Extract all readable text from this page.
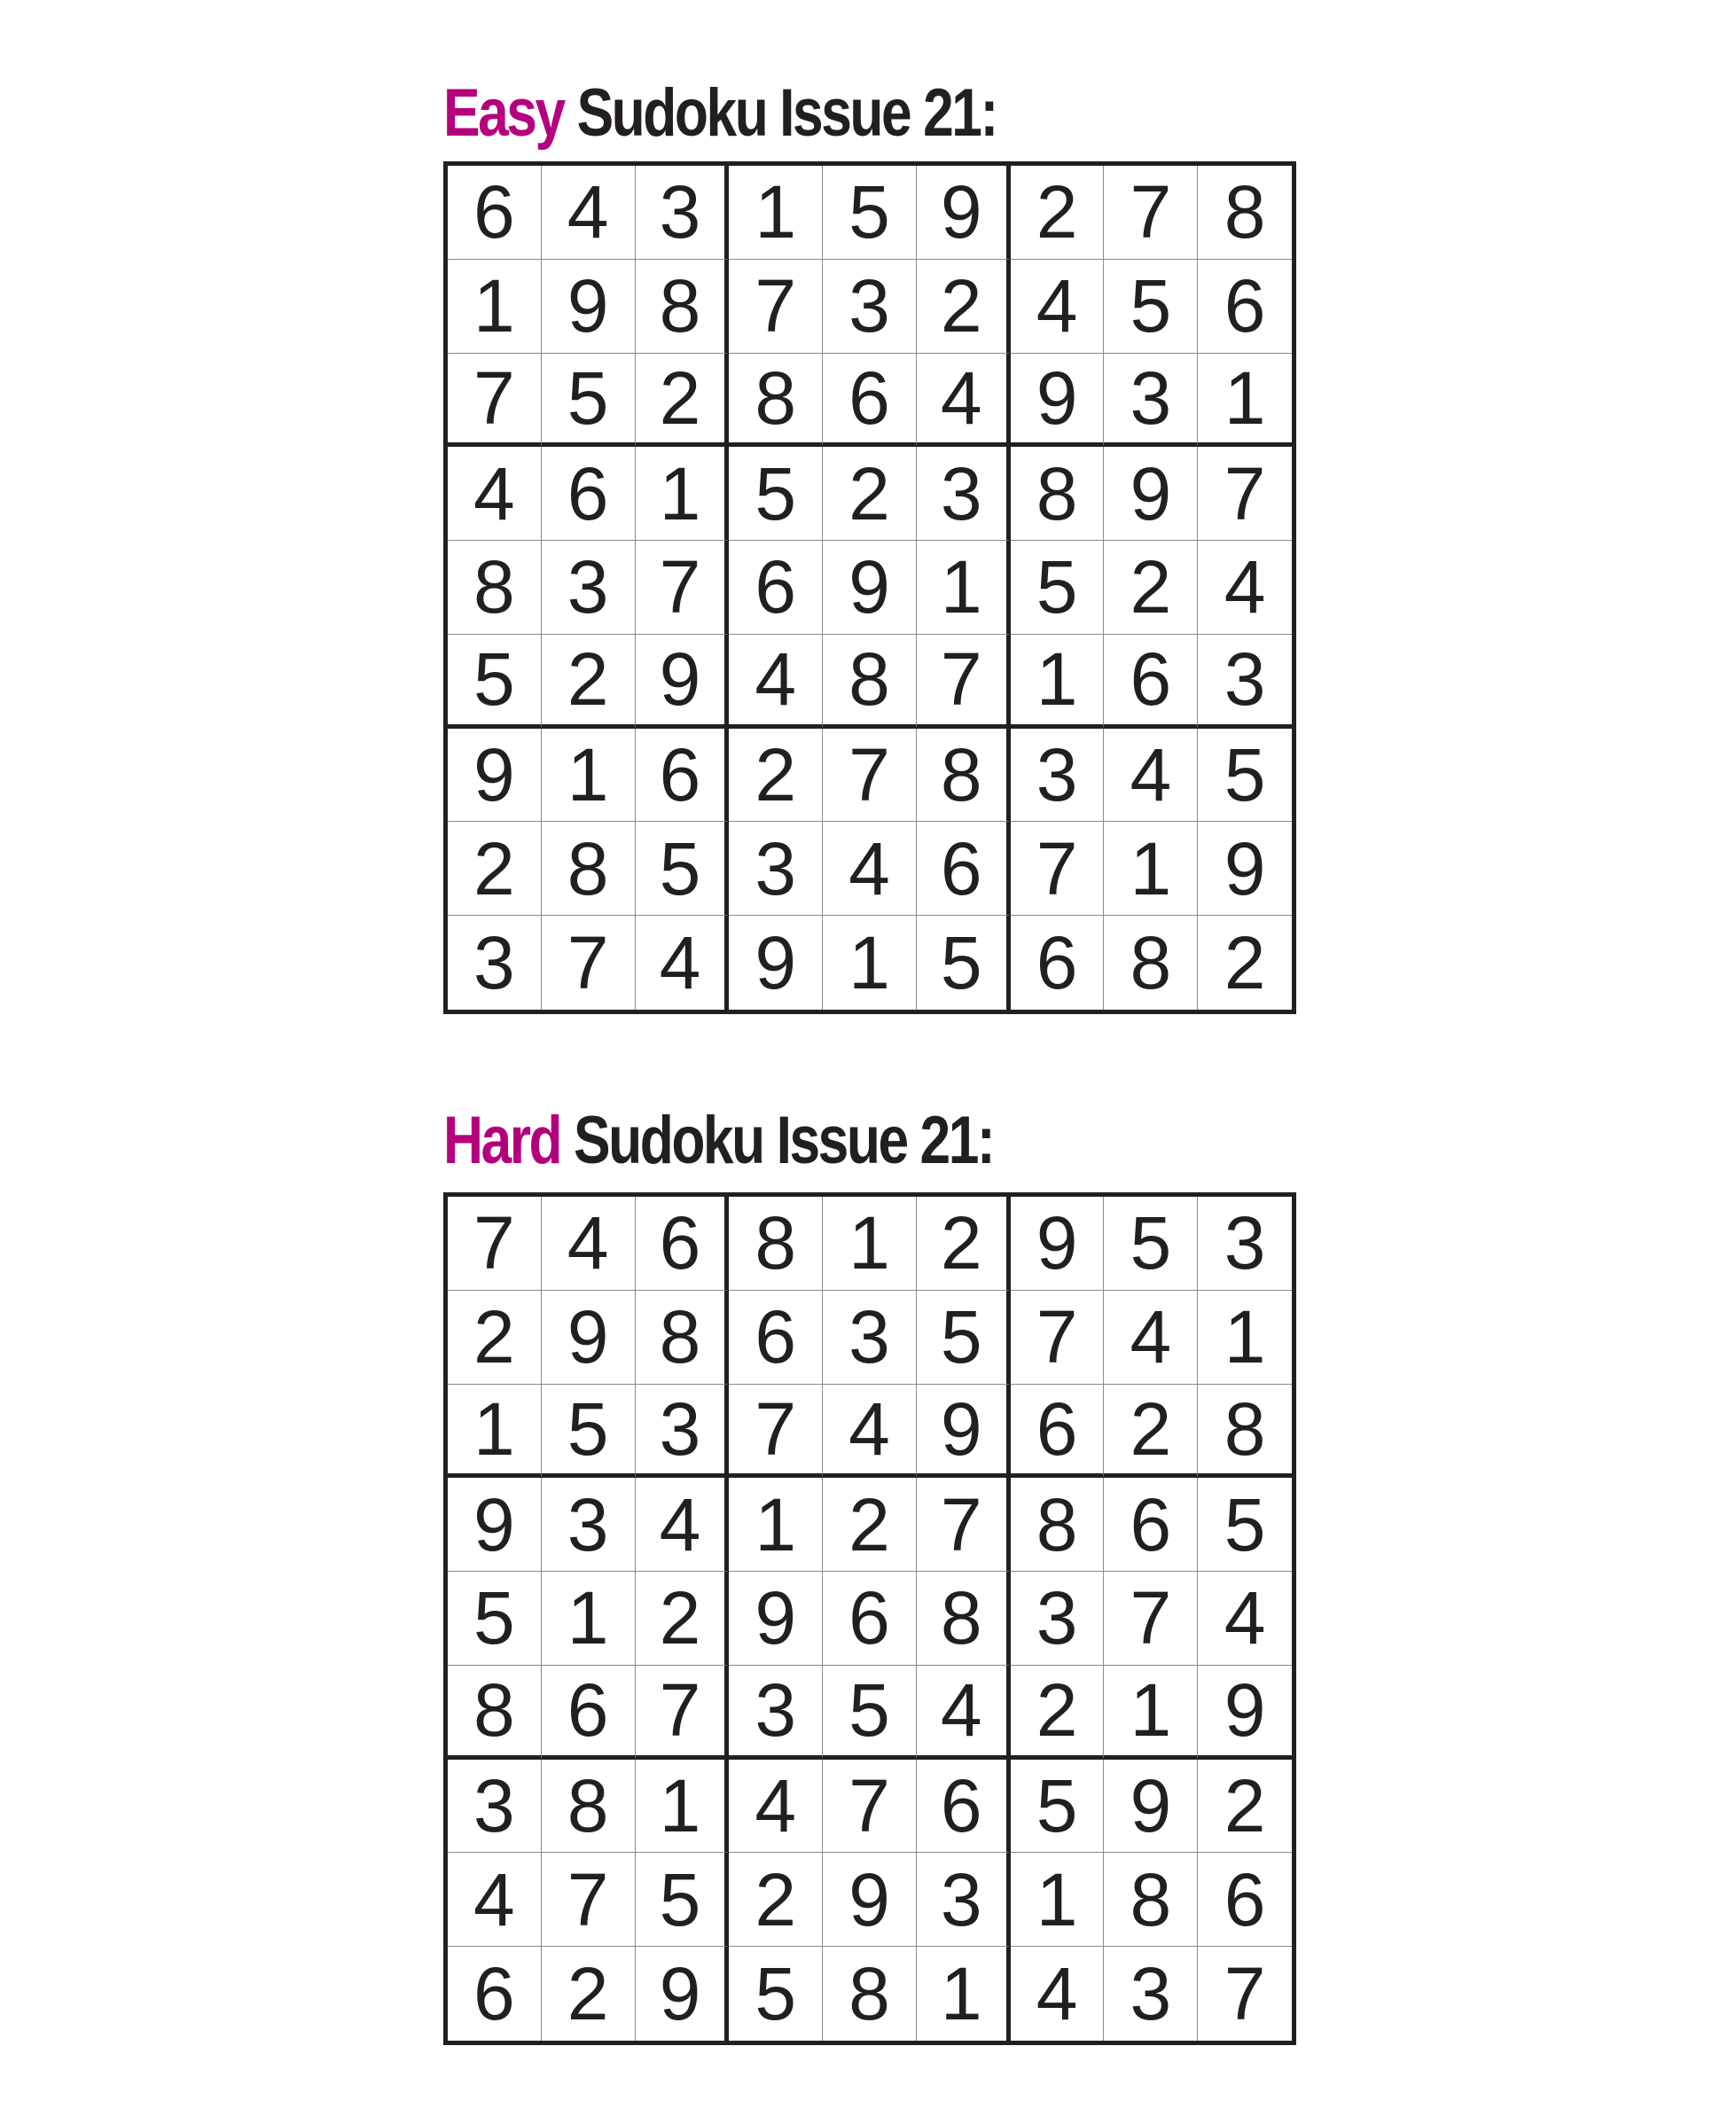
Easy Sudoku Issue 21:
6 4 3 1 5 9 2 7 8
1 9 8 7 3 2 4 5 6
7 5 2 8 6 4 9 3 1
4 6 1 5 2 3 8 9 7
8 3 7 6 9 1 5 2 4
5 2 9 4 8 7 1 6 3
9 1 6 2 7 8 3 4 5
2 8 5 3 4 6 7 1 9
3 7 4 9 1 5 6 8 2
Hard Sudoku Issue 21:
7 4 6 8 1 2 9 5 3
2 9 8 6 3 5 7 4 1
1 5 3 7 4 9 6 2 8
9 3 4 1 2 7 8 6 5
5 1 2 9 6 8 3 7 4
8 6 7 3 5 4 2 1 9
3 8 1 4 7 6 5 9 2
4 7 5 2 9 3 1 8 6
6 2 9 5 8 1 4 3 7
